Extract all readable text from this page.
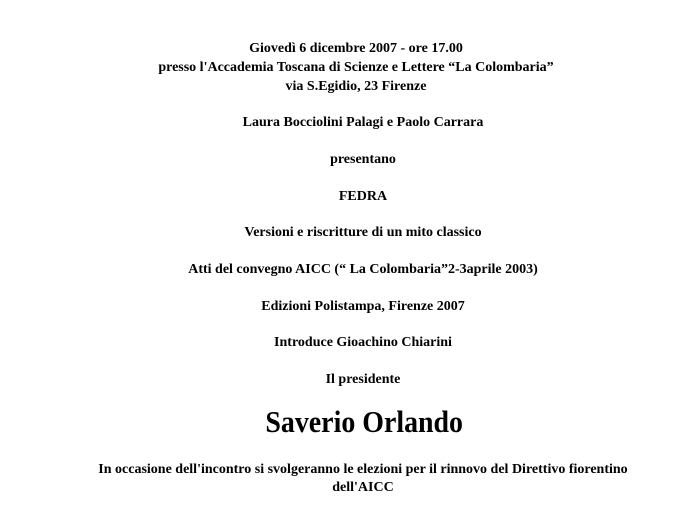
Giovedì 6 dicembre 2007 - ore 17.00
presso l'Accademia Toscana di Scienze e Lettere “La Colombaria”
via S.Egidio, 23 Firenze
Laura Bocciolini Palagi e Paolo Carrara
presentano
FEDRA
Versioni e riscritture di un mito classico
Atti del convegno AICC (“ La Colombaria”2-3aprile 2003)
Edizioni Polistampa, Firenze 2007
Introduce Gioachino Chiarini
Il presidente
Saverio Orlando
In occasione dell'incontro si svolgeranno le elezioni per il rinnovo del Direttivo fiorentino
dell'AICC
